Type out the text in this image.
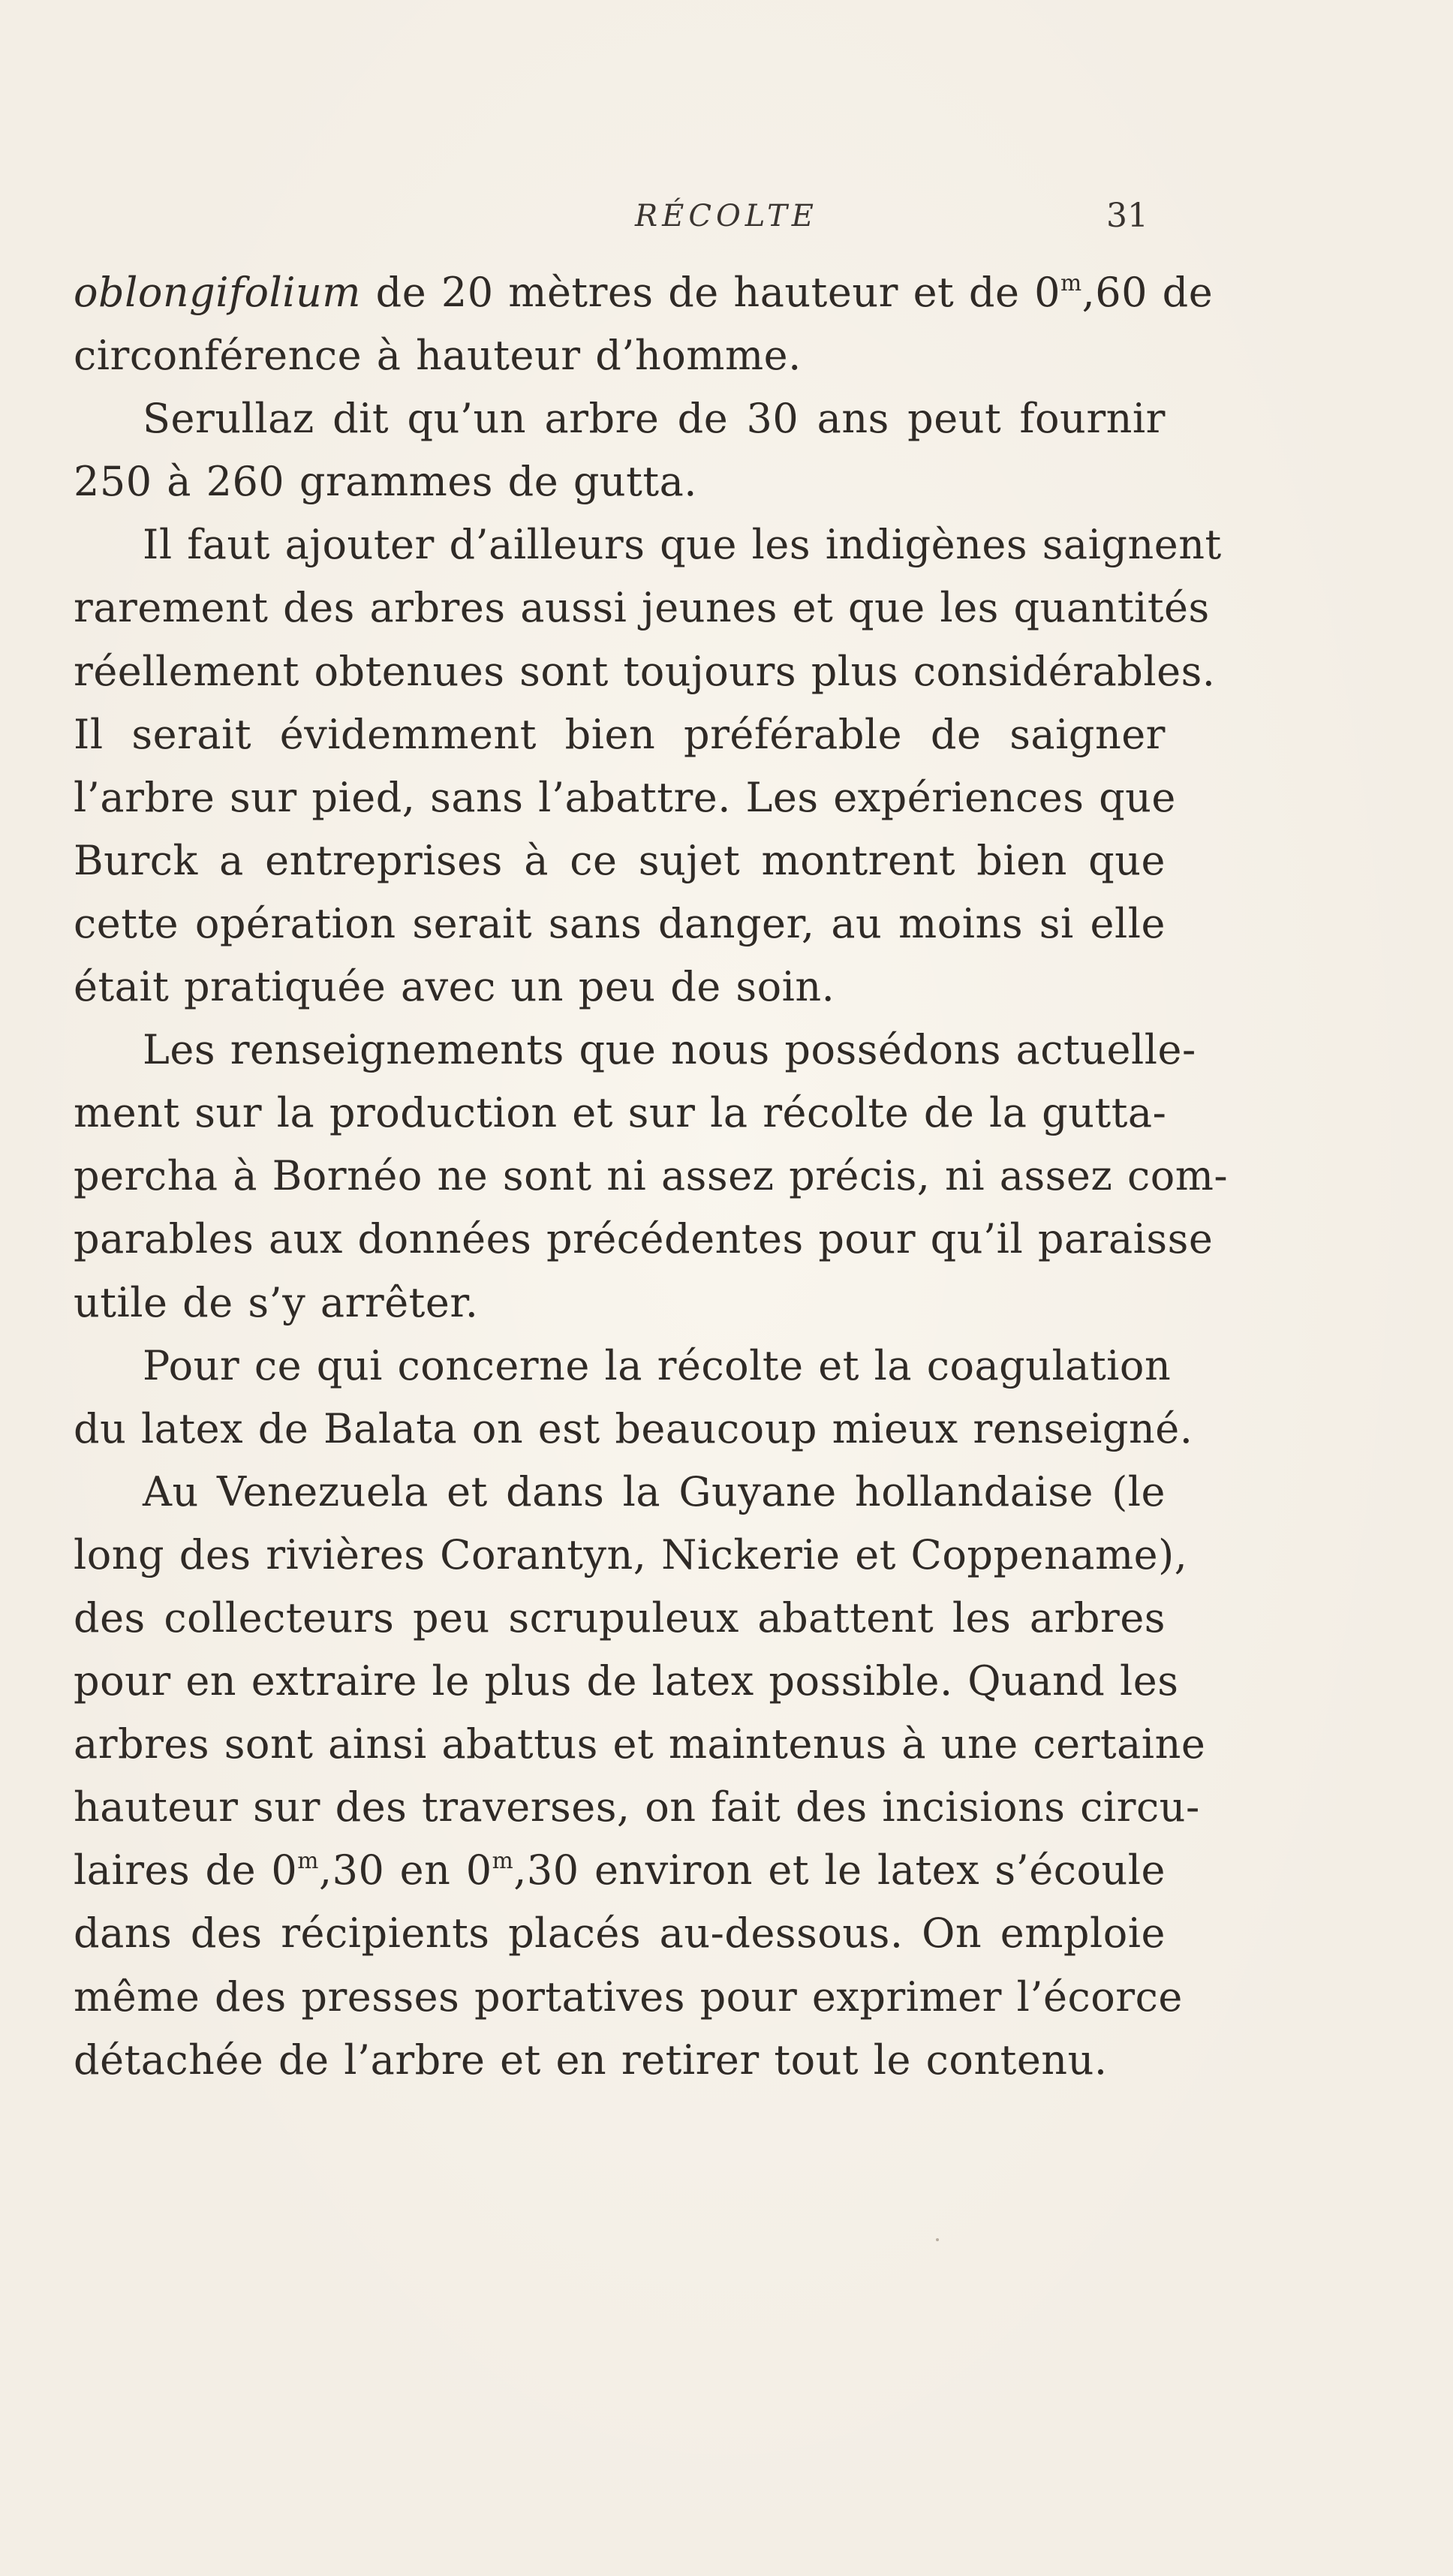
RÉCOLTE	31
oblongifolium de 20 mètres de hauteur et de 0$^m$,60 de
circonférence à hauteur d’homme.
Serullaz dit qu’un arbre de 30 ans peut fournir
250 à 260 grammes de gutta.
Il faut ajouter d’ailleurs que les indigènes saignent
rarement des arbres aussi jeunes et que les quantités
réellement obtenues sont toujours plus considérables.
Il serait évidemment bien préférable de saigner
l’arbre sur pied, sans l’abattre. Les expériences que
Burck a entreprises à ce sujet montrent bien que
cette opération serait sans danger, au moins si elle
était pratiquée avec un peu de soin.
Les renseignements que nous possédons actuelle-
ment sur la production et sur la récolte de la gutta-
percha à Bornéo ne sont ni assez précis, ni assez com-
parables aux données précédentes pour qu’il paraisse
utile de s’y arrêter.
Pour ce qui concerne la récolte et la coagulation
du latex de Balata on est beaucoup mieux renseigné.
Au Venezuela et dans la Guyane hollandaise (le
long des rivières Corantyn, Nickerie et Coppename),
des collecteurs peu scrupuleux abattent les arbres
pour en extraire le plus de latex possible. Quand les
arbres sont ainsi abattus et maintenus à une certaine
hauteur sur des traverses, on fait des incisions circu-
laires de 0$^m$,30 en 0$^m$,30 environ et le latex s’écoule
dans des récipients placés au-dessous. On emploie
même des presses portatives pour exprimer l’écorce
détachée de l’arbre et en retirer tout le contenu.
